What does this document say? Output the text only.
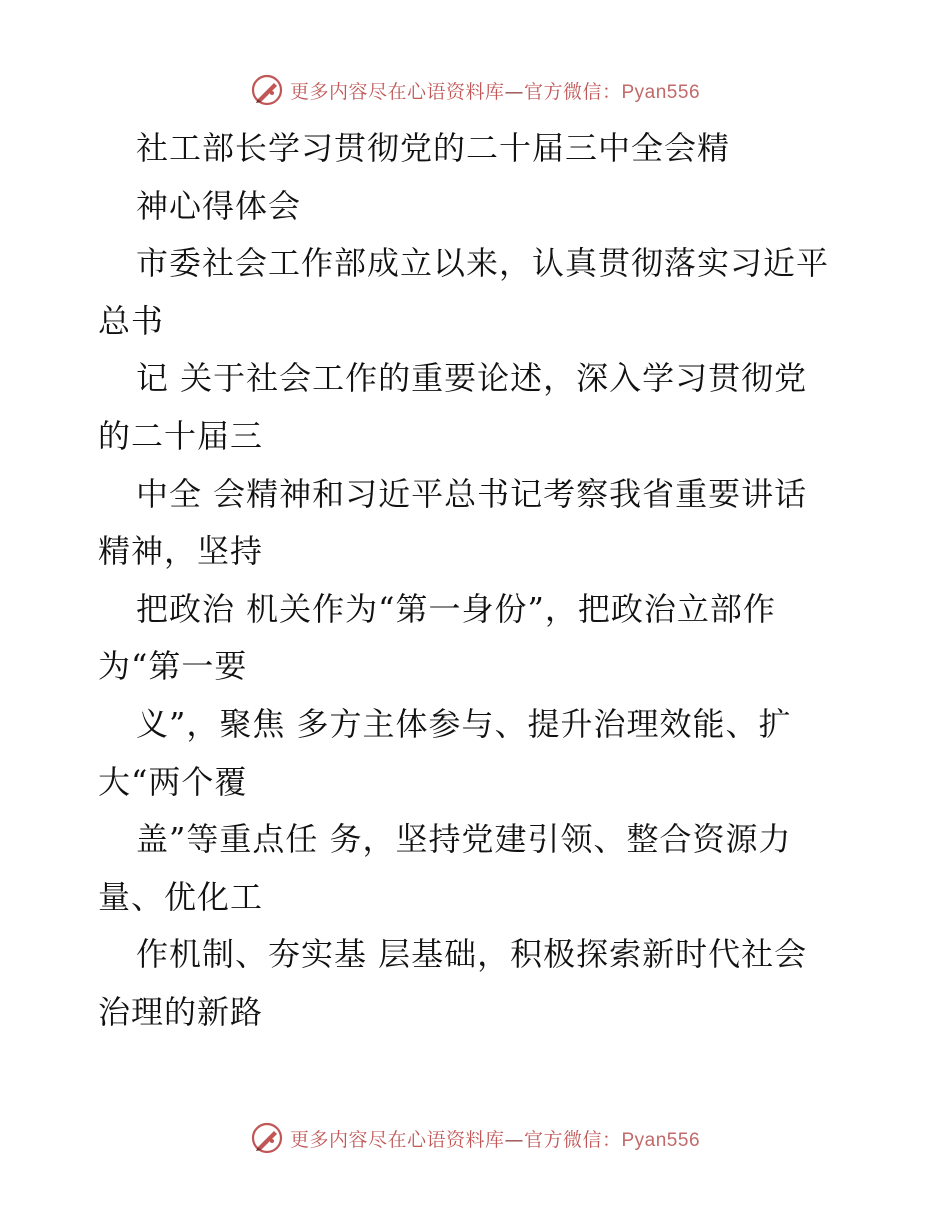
更多内容尽在心语资料库—官方微信：Pyan556
社工部长学习贯彻党的二十届三中全会精
神心得体会
市委社会工作部成立以来，认真贯彻落实习近平
总书
记 关于社会工作的重要论述，深入学习贯彻党
的二十届三
中全 会精神和习近平总书记考察我省重要讲话
精神，坚持
把政治 机关作为“第一身份”，把政治立部作
为“第一要
义”，聚焦 多方主体参与、提升治理效能、扩
大“两个覆
盖”等重点任 务，坚持党建引领、整合资源力
量、优化工
作机制、夯实基 层基础，积极探索新时代社会
治理的新路
更多内容尽在心语资料库—官方微信：Pyan556
